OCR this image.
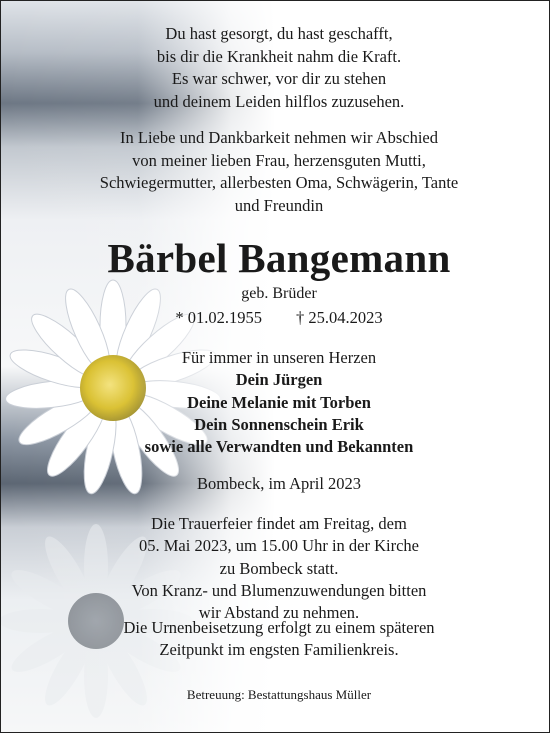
Du hast gesorgt, du hast geschafft,
bis dir die Krankheit nahm die Kraft.
Es war schwer, vor dir zu stehen
und deinem Leiden hilflos zuzusehen.

In Liebe und Dankbarkeit nehmen wir Abschied
von meiner lieben Frau, herzensguten Mutti,
Schwiegermutter, allerbesten Oma, Schwägerin, Tante
und Freundin

Bärbel Bangemann

geb. Brüder

* 01.02.1955 † 25.04.2023

Für immer in unseren Herzen
Dein Jürgen
Deine Melanie mit Torben
Dein Sonnenschein Erik
sowie alle Verwandten und Bekannten

Bombeck, im April 2023

Die Trauerfeier findet am Freitag, dem
05. Mai 2023, um 15.00 Uhr in der Kirche
zu Bombeck statt.
Von Kranz- und Blumenzuwendungen bitten
wir Abstand zu nehmen.

Die Urnenbeisetzung erfolgt zu einem späteren
Zeitpunkt im engsten Familienkreis.

Betreuung: Bestattungshaus Müller
